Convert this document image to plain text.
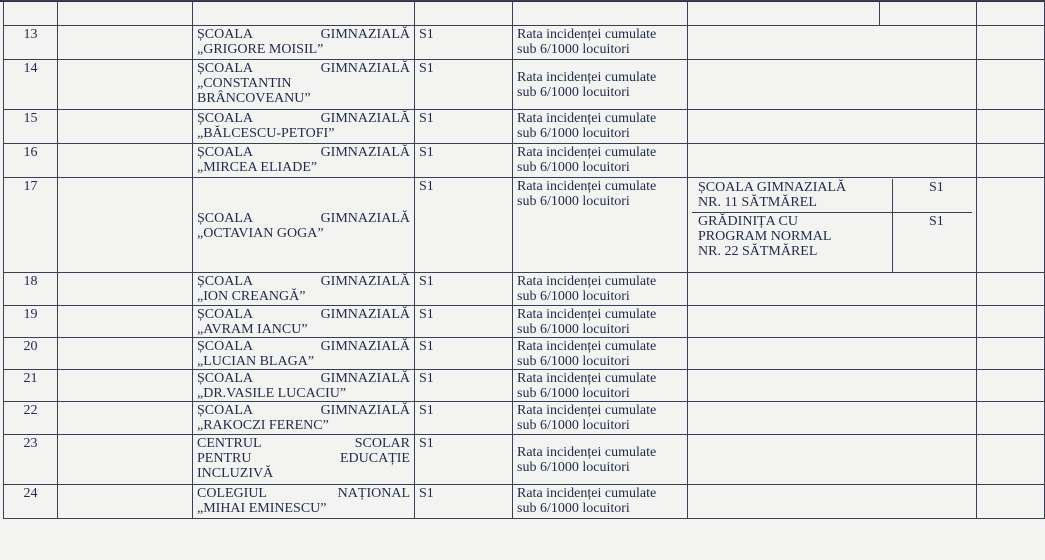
13		ȘCOALA	GIMNAZIALĂ
„GRIGORE MOISIL”
	S1	Rata incidenței cumulate
sub 6/1000 locuitori

14		ȘCOALA	GIMNAZIALĂ
„CONSTANTIN
BRÂNCOVEANU”
	S1	
Rata incidenței cumulate
sub 6/1000 locuitori

15		ȘCOALA	GIMNAZIALĂ
„BĂLCESCU-PETOFI”
	S1	Rata incidenței cumulate
sub 6/1000 locuitori

16		ȘCOALA	GIMNAZIALĂ
„MIRCEA ELIADE”
	S1	Rata incidenței cumulate
sub 6/1000 locuitori

17		
ȘCOALA	GIMNAZIALĂ
„OCTAVIAN GOGA”
	S1	Rata incidenței cumulate
sub 6/1000 locuitori

ȘCOALA GIMNAZIALĂ
NR. 11 SĂTMĂREL
	S1

GRĂDINIȚA CU
PROGRAM NORMAL
NR. 22 SĂTMĂREL
	S1

18		ȘCOALA	GIMNAZIALĂ
„ION CREANGĂ”
	S1	Rata incidenței cumulate
sub 6/1000 locuitori

19		ȘCOALA	GIMNAZIALĂ
„AVRAM IANCU”
	S1	Rata incidenței cumulate
sub 6/1000 locuitori

20		ȘCOALA	GIMNAZIALĂ
„LUCIAN BLAGA”
	S1	Rata incidenței cumulate
sub 6/1000 locuitori

21		ȘCOALA	GIMNAZIALĂ
„DR.VASILE LUCACIU”
	S1	Rata incidenței cumulate
sub 6/1000 locuitori

22		ȘCOALA	GIMNAZIALĂ
„RAKOCZI FERENC”
	S1	Rata incidenței cumulate
sub 6/1000 locuitori

23		CENTRUL	SCOLAR
PENTRU	EDUCAȚIE
INCLUZIVĂ
	S1	
Rata incidenței cumulate
sub 6/1000 locuitori

24		COLEGIUL	NAȚIONAL
„MIHAI EMINESCU”
	S1	Rata incidenței cumulate
sub 6/1000 locuitori
